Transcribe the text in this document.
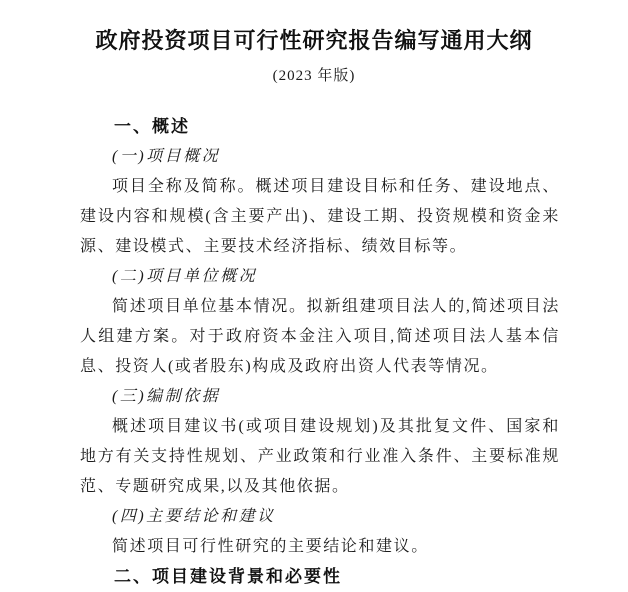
政府投资项目可行性研究报告编写通用大纲
(2023 年版)
一、概述
(一)项目概况
项目全称及简称。概述项目建设目标和任务、建设地点、建设内容和规模(含主要产出)、建设工期、投资规模和资金来源、建设模式、主要技术经济指标、绩效目标等。
(二)项目单位概况
简述项目单位基本情况。拟新组建项目法人的,简述项目法人组建方案。对于政府资本金注入项目,简述项目法人基本信息、投资人(或者股东)构成及政府出资人代表等情况。
(三)编制依据
概述项目建议书(或项目建设规划)及其批复文件、国家和地方有关支持性规划、产业政策和行业准入条件、主要标准规范、专题研究成果,以及其他依据。
(四)主要结论和建议
简述项目可行性研究的主要结论和建议。
二、项目建设背景和必要性
